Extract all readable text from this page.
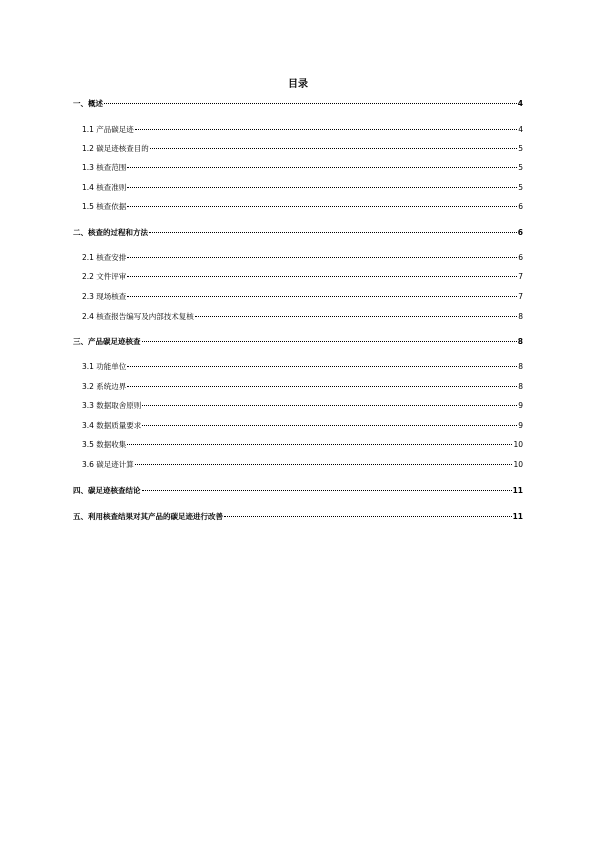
目录
一、概述	4
1.1 产品碳足迹	4
1.2 碳足迹核查目的	5
1.3 核查范围	5
1.4 核查准则	5
1.5 核查依据	6
二、核查的过程和方法	6
2.1 核查安排	6
2.2 文件评审	7
2.3 现场核查	7
2.4 核查报告编写及内部技术复核	8
三、产品碳足迹核查	8
3.1 功能单位	8
3.2 系统边界	8
3.3 数据取舍原则	9
3.4 数据质量要求	9
3.5 数据收集	10
3.6 碳足迹计算	10
四、碳足迹核查结论	11
五、利用核查结果对其产品的碳足迹进行改善	11
